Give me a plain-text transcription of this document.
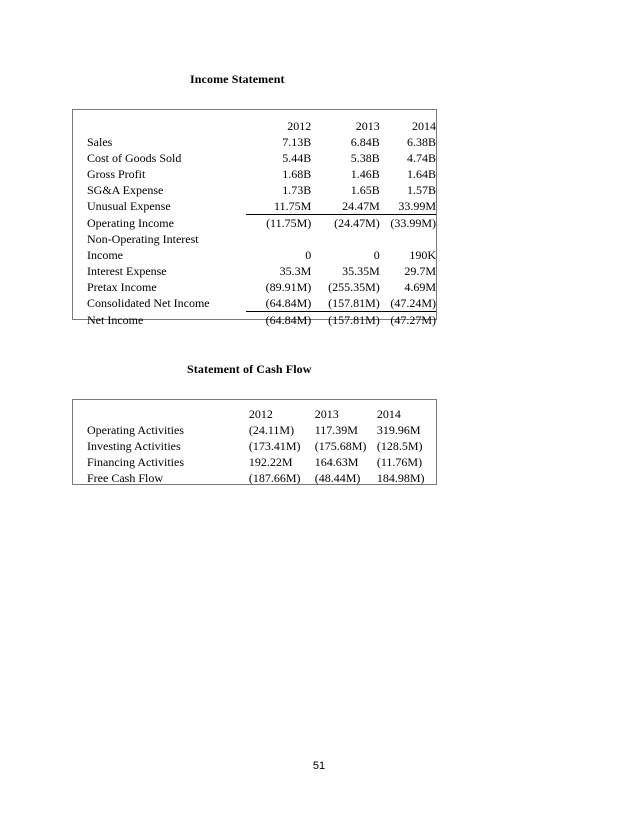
Income Statement
	2012	2013	2014
Sales	7.13B	6.84B	6.38B
Cost of Goods Sold	5.44B	5.38B	4.74B
Gross Profit	1.68B	1.46B	1.64B
SG&A Expense	1.73B	1.65B	1.57B
Unusual Expense	11.75M	24.47M	33.99M
Operating Income	(11.75M)	(24.47M)	(33.99M)
Non-Operating Interest			
Income	0	0	190K
Interest Expense	35.3M	35.35M	29.7M
Pretax Income	(89.91M)	(255.35M)	4.69M
Consolidated Net Income	(64.84M)	(157.81M)	(47.24M)
Net Income	(64.84M)	(157.81M)	(47.27M)
Statement of Cash Flow
	2012	2013	2014
Operating Activities	(24.11M)	117.39M	319.96M
Investing Activities	(173.41M)	(175.68M)	(128.5M)
Financing Activities	192.22M	164.63M	(11.76M)
Free Cash Flow	(187.66M)	(48.44M)	184.98M)
51
